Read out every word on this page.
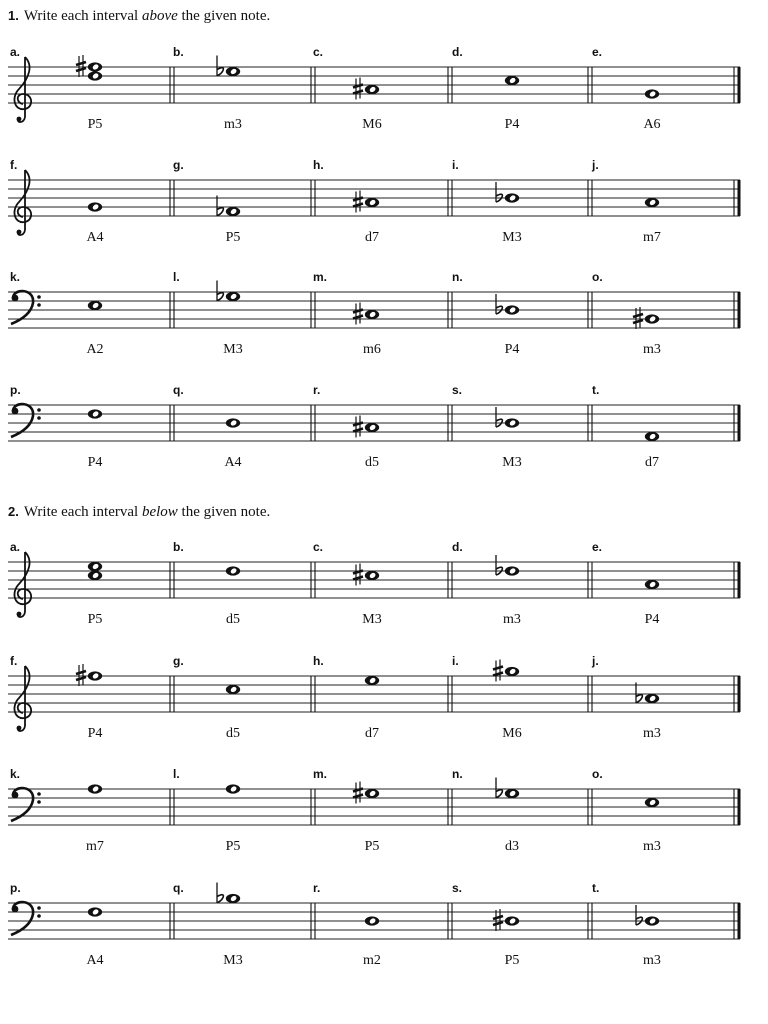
1. Write each interval above the given note.
2. Write each interval below the given note.
a.
P5
b.
m3
c.
M6
d.
P4
e.
A6
f.
A4
g.
P5
h.
d7
i.
M3
j.
m7
k.
A2
l.
M3
m.
m6
n.
P4
o.
m3
p.
P4
q.
A4
r.
d5
s.
M3
t.
d7
a.
P5
b.
d5
c.
M3
d.
m3
e.
P4
f.
P4
g.
d5
h.
d7
i.
M6
j.
m3
k.
m7
l.
P5
m.
P5
n.
d3
o.
m3
p.
A4
q.
M3
r.
m2
s.
P5
t.
m3
